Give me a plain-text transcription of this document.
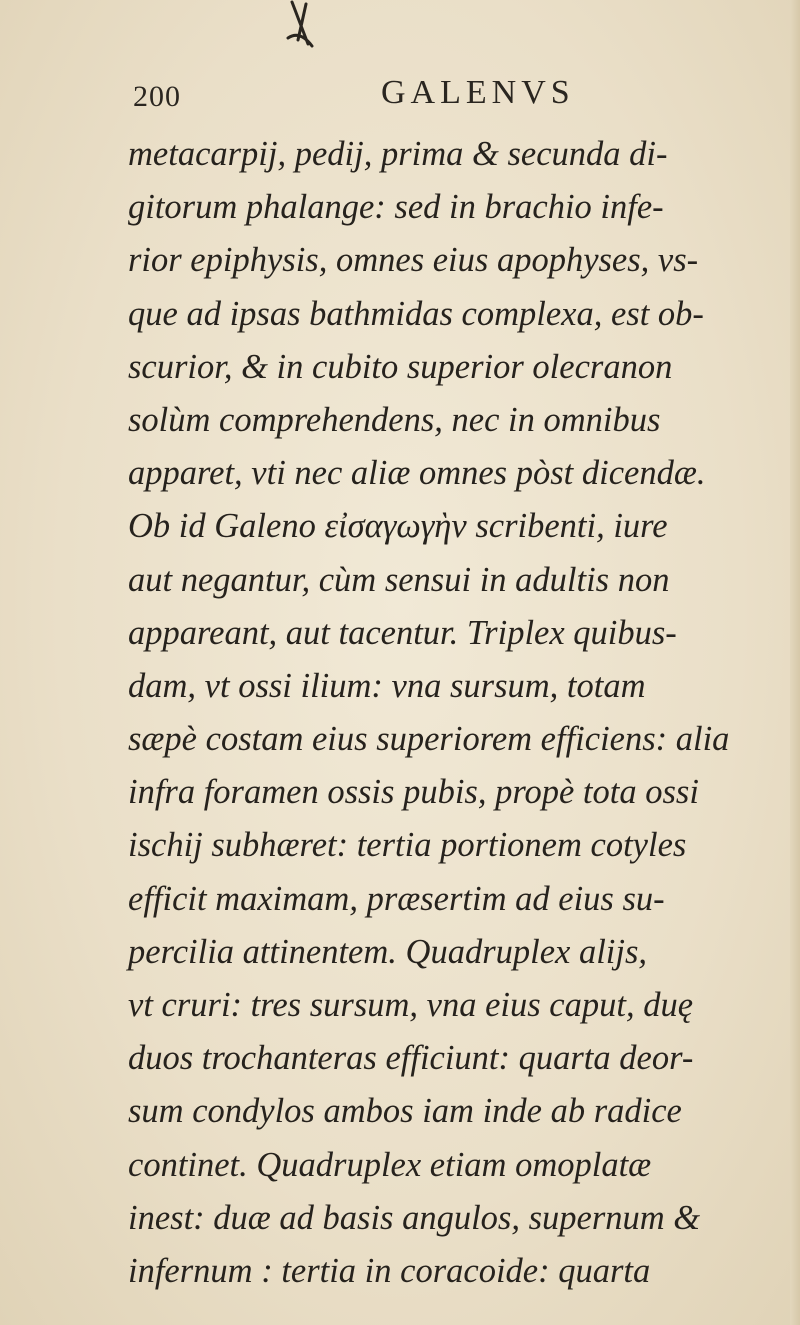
200	GALENVS
metacarpij, pedij, prima & secunda di-
gitorum phalange: sed in brachio infe-
rior epiphysis, omnes eius apophyses, vs-
que ad ipsas bathmidas complexa, est ob-
scurior, & in cubito superior olecranon
solùm comprehendens, nec in omnibus
apparet, vti nec aliæ omnes pòst dicendæ.
Ob id Galeno εἰσαγωγὴν scribenti, iure
aut negantur, cùm sensui in adultis non
appareant, aut tacentur. Triplex quibus-
dam, vt ossi ilium: vna sursum, totam
sæpè costam eius superiorem efficiens: alia
infra foramen ossis pubis, propè tota ossi
ischij subhæret: tertia portionem cotyles
efficit maximam, præsertim ad eius su-
percilia attinentem. Quadruplex alijs,
vt cruri: tres sursum, vna eius caput, duę
duos trochanteras efficiunt: quarta deor-
sum condylos ambos iam inde ab radice
continet. Quadruplex etiam omoplatæ
inest: duæ ad basis angulos, supernum &
infernum : tertia in coracoide: quarta
